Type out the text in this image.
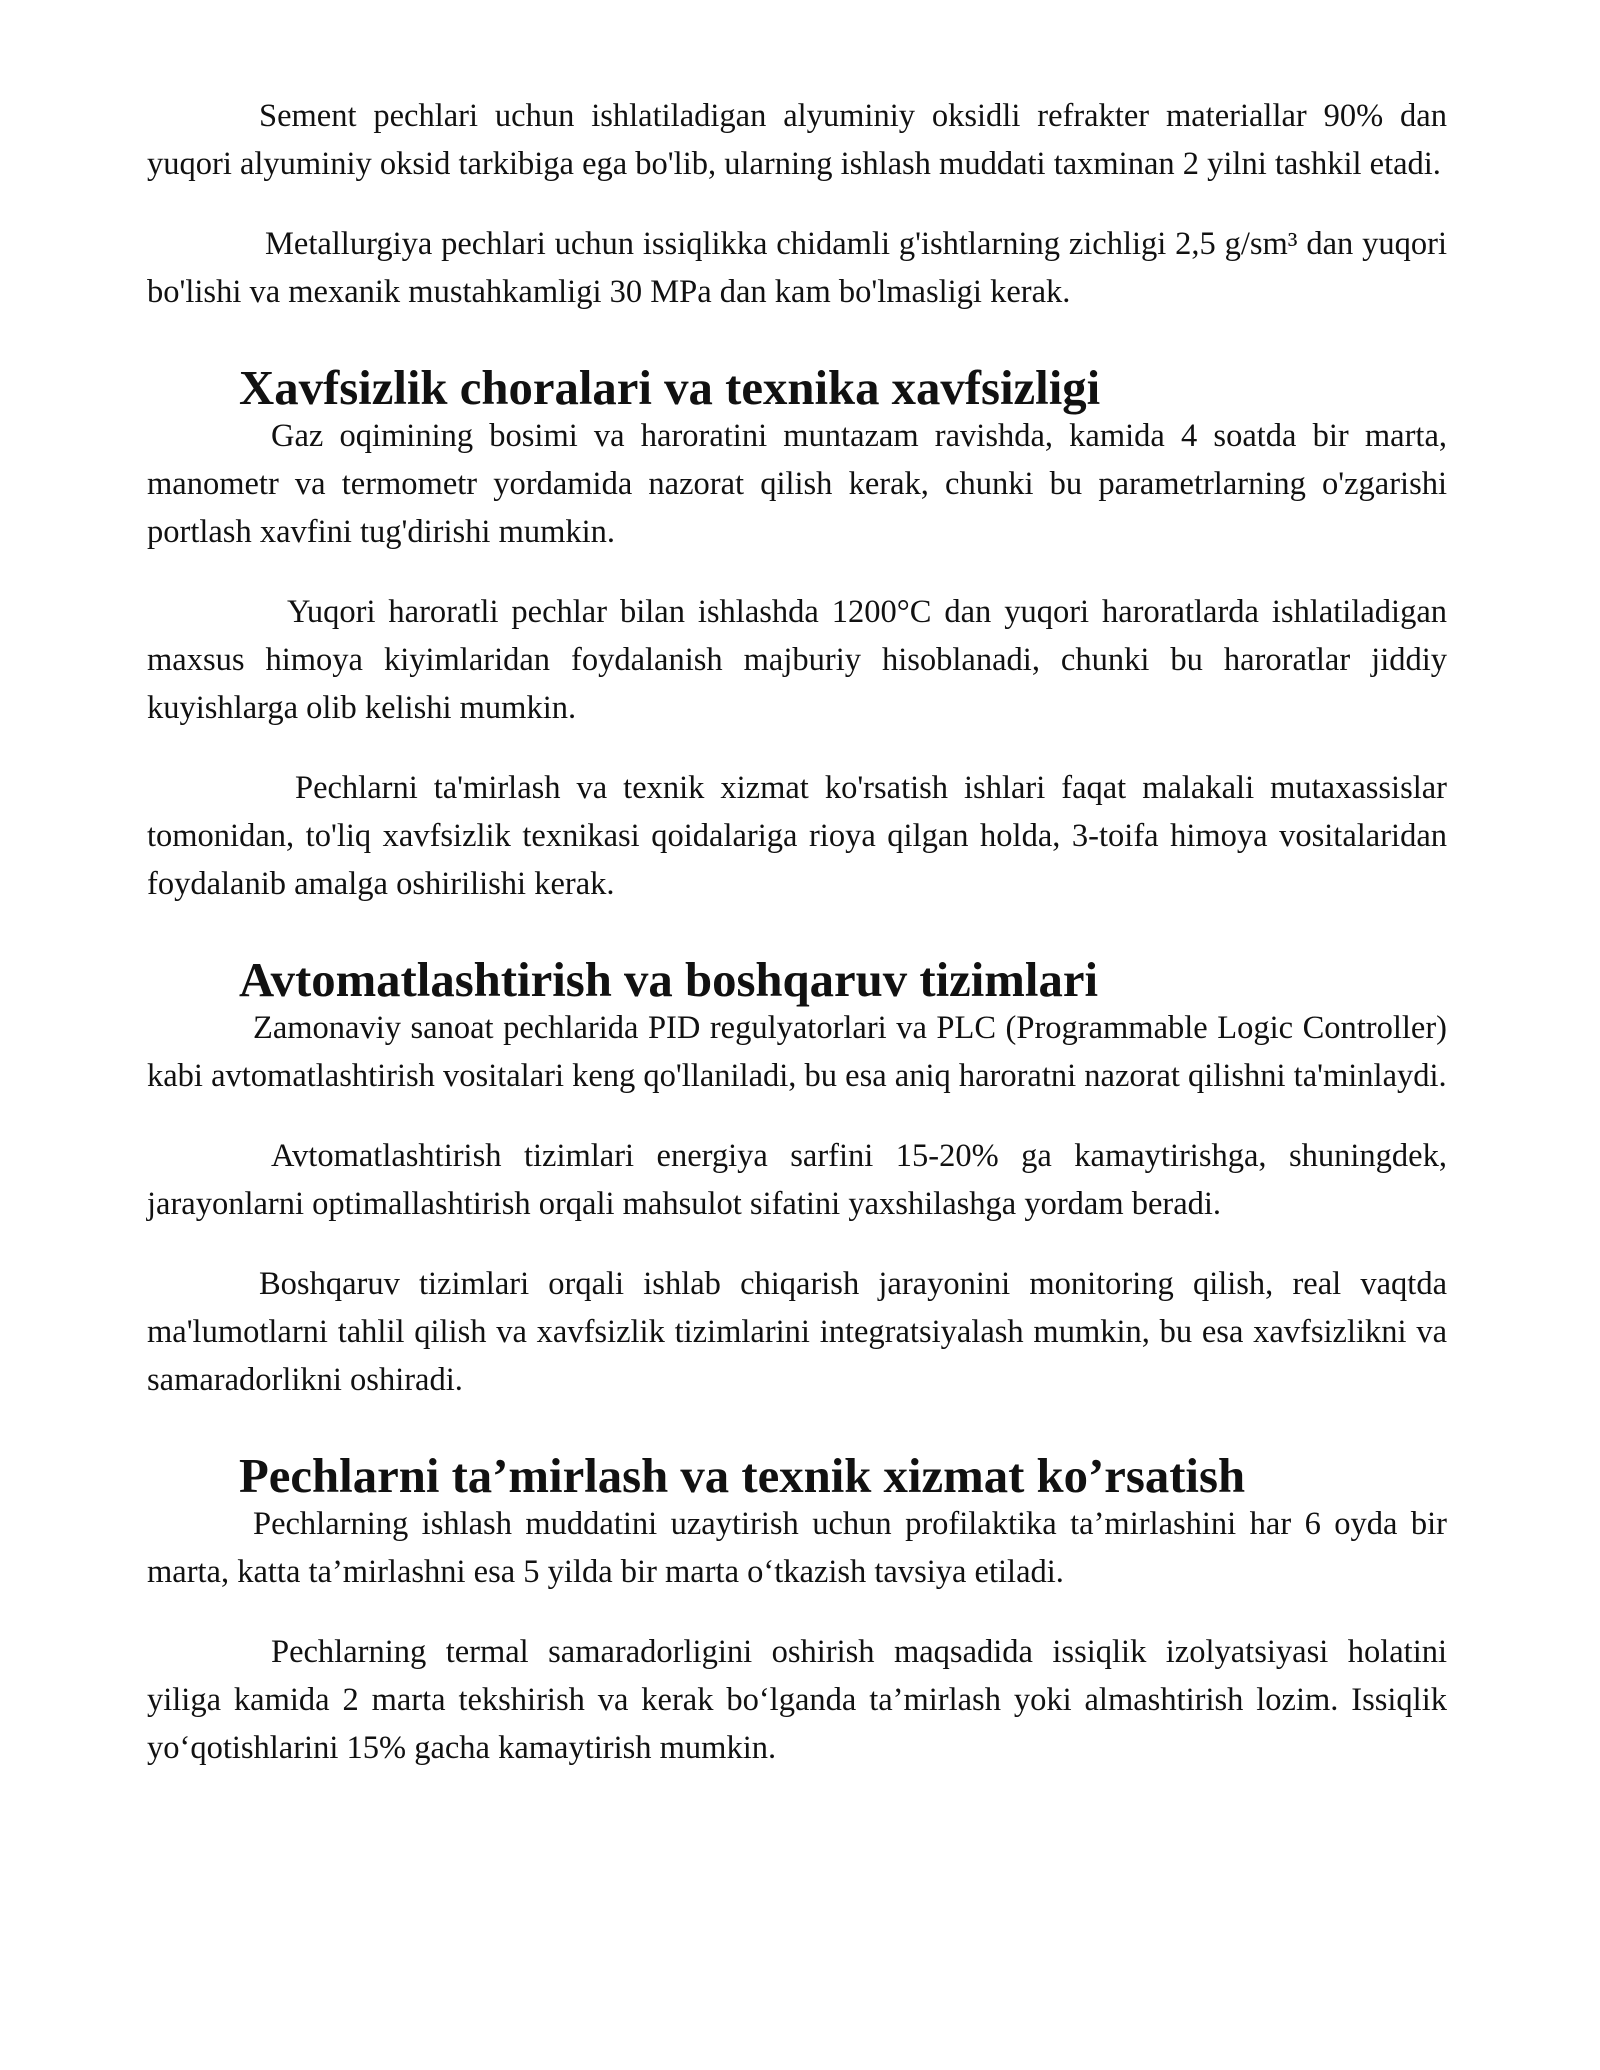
Sement pechlari uchun ishlatiladigan alyuminiy oksidli refrakter materiallar 90% dan yuqori alyuminiy oksid tarkibiga ega bo'lib, ularning ishlash muddati taxminan 2 yilni tashkil etadi.

Metallurgiya pechlari uchun issiqlikka chidamli g'ishtlarning zichligi 2,5 g/sm³ dan yuqori bo'lishi va mexanik mustahkamligi 30 MPa dan kam bo'lmasligi kerak.

Xavfsizlik choralari va texnika xavfsizligi

Gaz oqimining bosimi va haroratini muntazam ravishda, kamida 4 soatda bir marta, manometr va termometr yordamida nazorat qilish kerak, chunki bu parametrlarning o'zgarishi portlash xavfini tug'dirishi mumkin.

Yuqori haroratli pechlar bilan ishlashda 1200°C dan yuqori haroratlarda ishlatiladigan maxsus himoya kiyimlaridan foydalanish majburiy hisoblanadi, chunki bu haroratlar jiddiy kuyishlarga olib kelishi mumkin.

Pechlarni ta'mirlash va texnik xizmat ko'rsatish ishlari faqat malakali mutaxassislar tomonidan, to'liq xavfsizlik texnikasi qoidalariga rioya qilgan holda, 3-toifa himoya vositalaridan foydalanib amalga oshirilishi kerak.

Avtomatlashtirish va boshqaruv tizimlari

Zamonaviy sanoat pechlarida PID regulyatorlari va PLC (Programmable Logic Controller) kabi avtomatlashtirish vositalari keng qo'llaniladi, bu esa aniq haroratni nazorat qilishni ta'minlaydi.

Avtomatlashtirish tizimlari energiya sarfini 15-20% ga kamaytirishga, shuningdek, jarayonlarni optimallashtirish orqali mahsulot sifatini yaxshilashga yordam beradi.

Boshqaruv tizimlari orqali ishlab chiqarish jarayonini monitoring qilish, real vaqtda ma'lumotlarni tahlil qilish va xavfsizlik tizimlarini integratsiyalash mumkin, bu esa xavfsizlikni va samaradorlikni oshiradi.

Pechlarni ta’mirlash va texnik xizmat ko’rsatish

Pechlarning ishlash muddatini uzaytirish uchun profilaktika ta’mirlashini har 6 oyda bir marta, katta ta’mirlashni esa 5 yilda bir marta o‘tkazish tavsiya etiladi.

Pechlarning termal samaradorligini oshirish maqsadida issiqlik izolyatsiyasi holatini yiliga kamida 2 marta tekshirish va kerak bo‘lganda ta’mirlash yoki almashtirish lozim. Issiqlik yo‘qotishlarini 15% gacha kamaytirish mumkin.
